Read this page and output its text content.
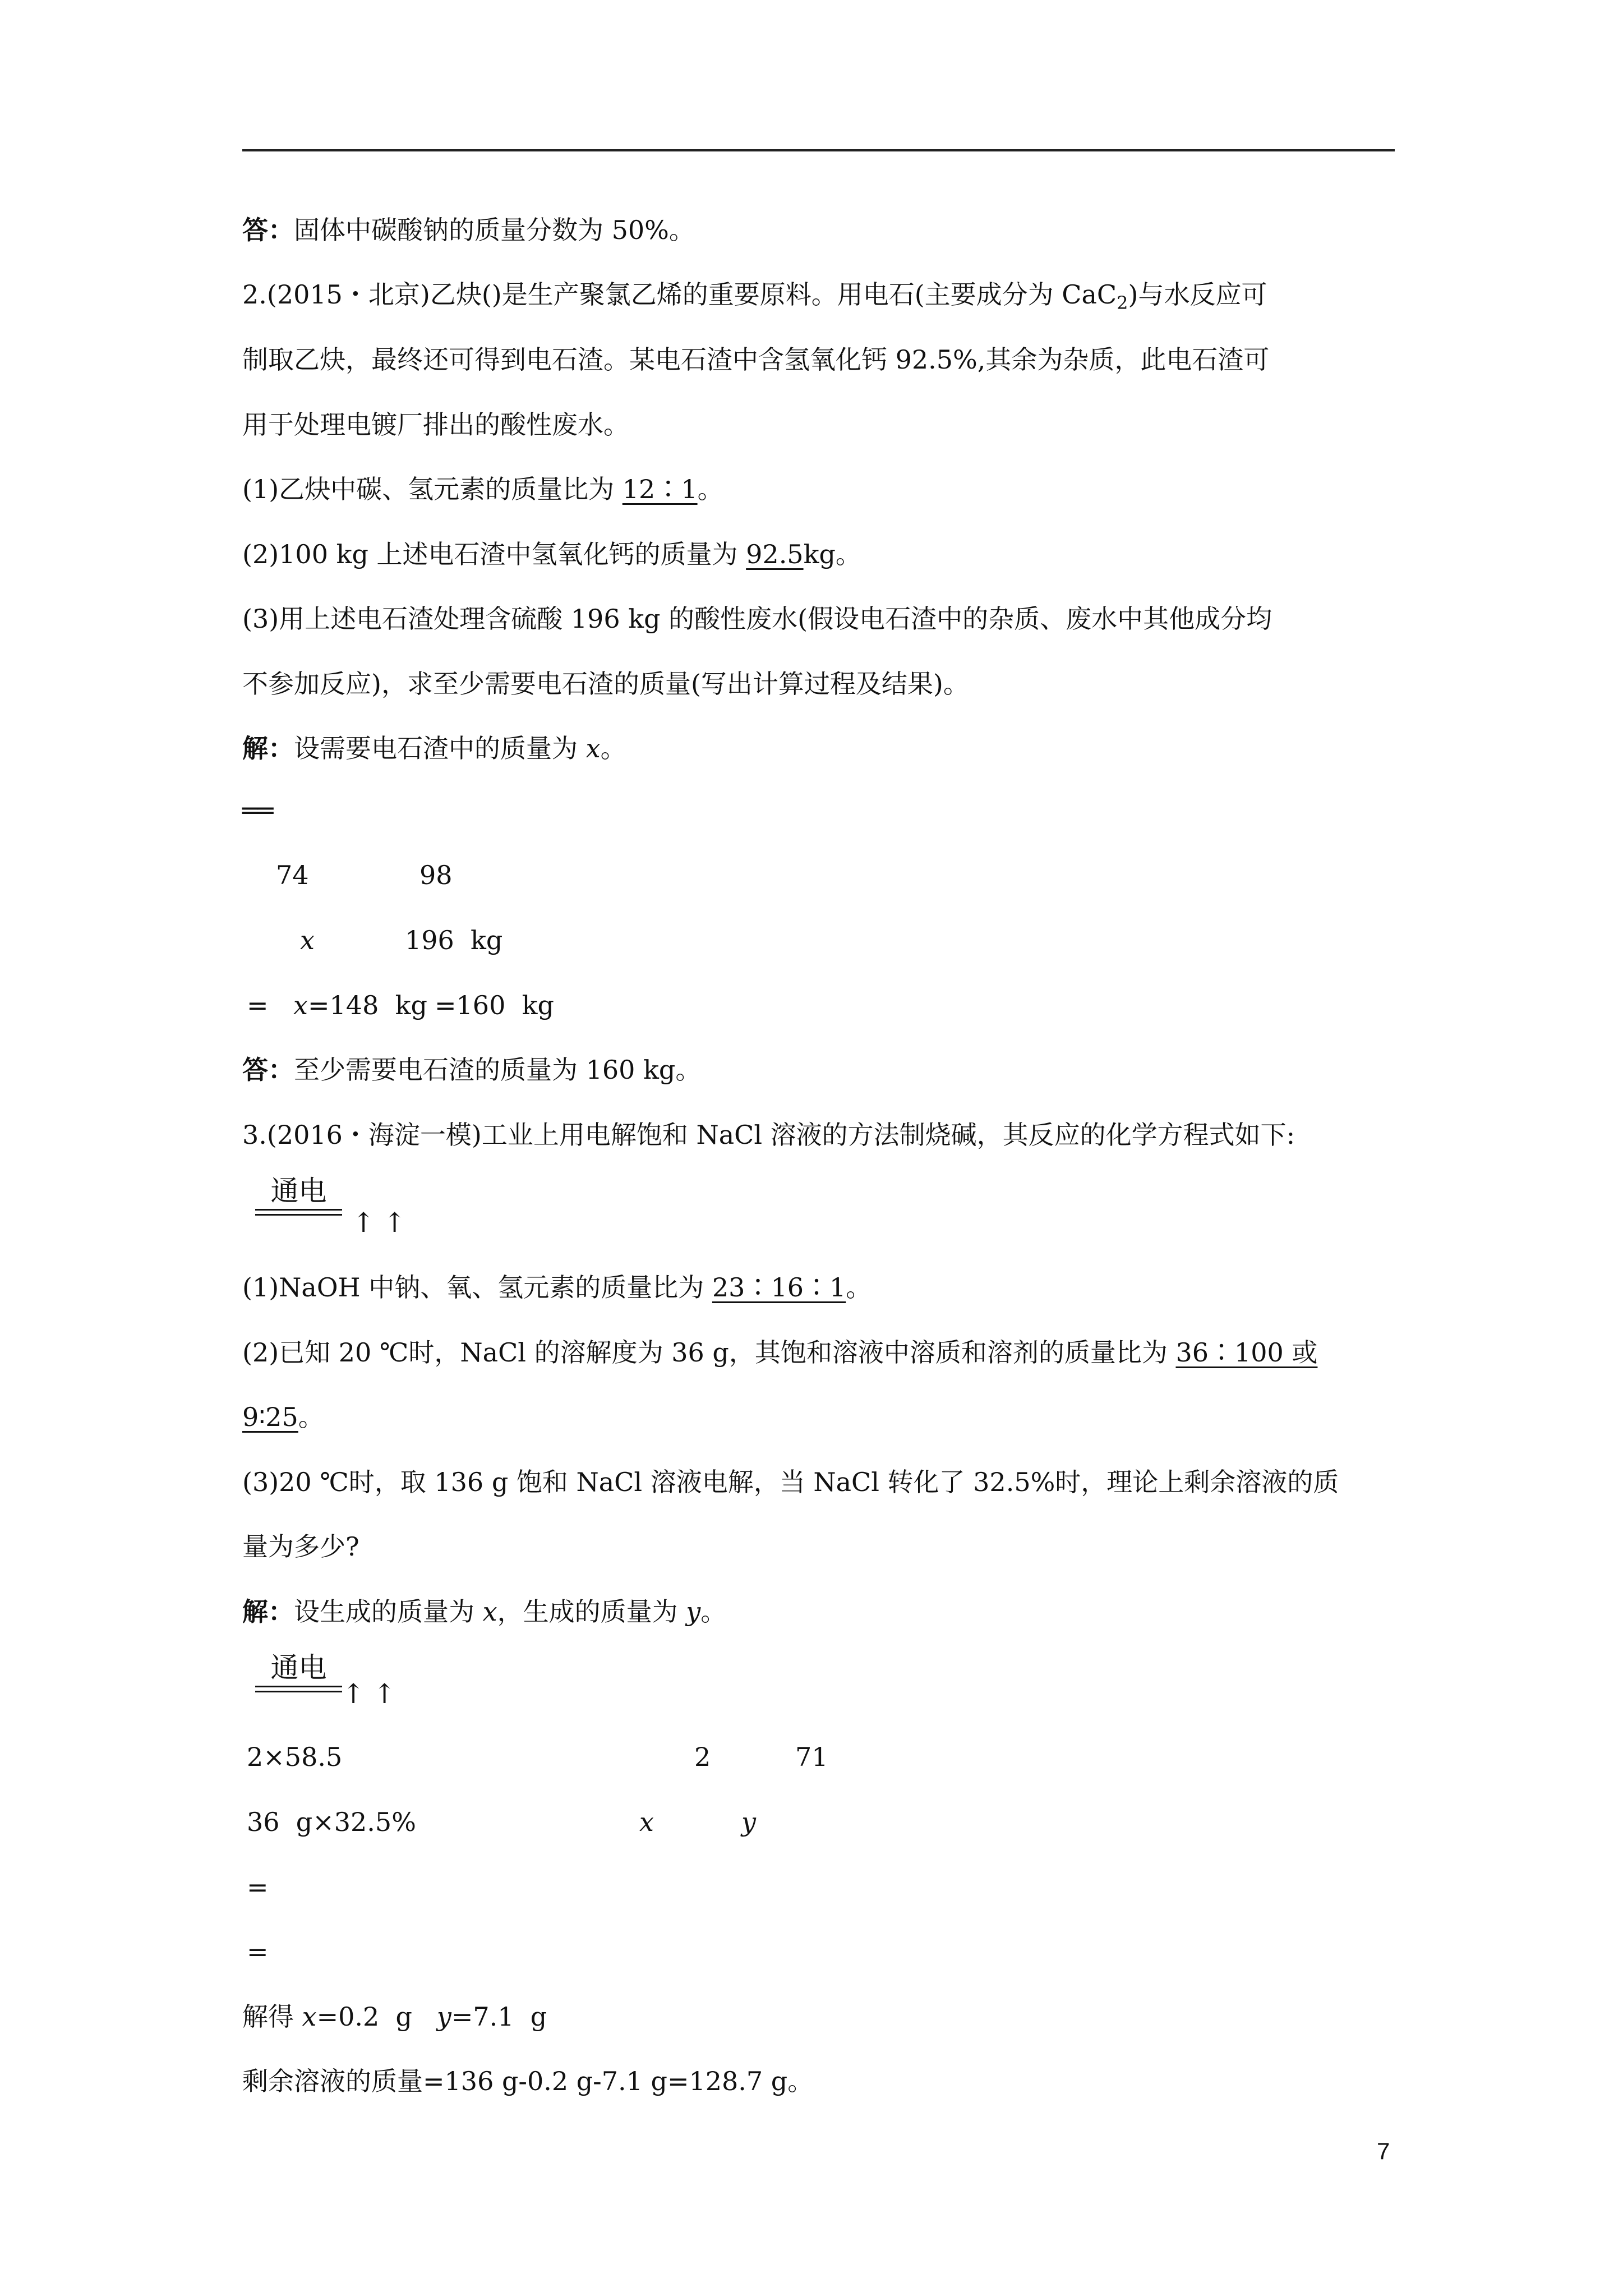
答：固体中碳酸钠的质量分数为 50%。
2.(2015・北京)乙炔()是生产聚氯乙烯的重要原料。用电石(主要成分为 CaC$_2$)与水反应可
制取乙炔，最终还可得到电石渣。某电石渣中含氢氧化钙 92.5%,其余为杂质，此电石渣可
用于处理电镀厂排出的酸性废水。
(1)乙炔中碳、氢元素的质量比为 12∶1。
(2)100 kg 上述电石渣中氢氧化钙的质量为 92.5kg。
(3)用上述电石渣处理含硫酸 196 kg 的酸性废水(假设电石渣中的杂质、废水中其他成分均
不参加反应)，求至少需要电石渣的质量(写出计算过程及结果)。
解：设需要电石渣中的质量为 x。
══
74	98
x	196  kg
= x =148  kg =160  kg
答：至少需要电石渣的质量为 160 kg。
3.(2016・海淀一模)工业上用电解饱和 NaCl 溶液的方法制烧碱，其反应的化学方程式如下:
通电
↑ ↑
(1)NaOH 中钠、氧、氢元素的质量比为 23∶16∶1。
(2)已知 20 ℃时，NaCl 的溶解度为 36 g，其饱和溶液中溶质和溶剂的质量比为 36∶100 或
9∶25。
(3)20 ℃时，取 136 g 饱和 NaCl 溶液电解，当 NaCl 转化了 32.5%时，理论上剩余溶液的质
量为多少?
解：设生成的质量为 x，生成的质量为 y。
通电
↑ ↑
2×58.5	2	71
36  g×32.5%	x	y
=
=
解得 x=0.2  g   y=7.1  g
剩余溶液的质量=136 g-0.2 g-7.1 g=128.7 g。
7
